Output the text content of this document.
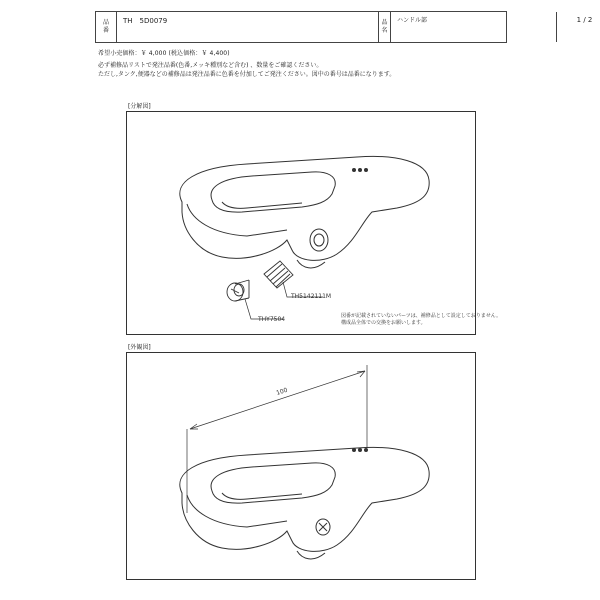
品
番
TH　5D0079	品
名
ハンドル部	1 / 2
希望小売価格：￥ 4,000 (税込価格：￥ 4,400)
必ず補修品リストで発注品番(色番,メッキ種別など含む) 、数量をご確認ください。
ただし,タンク,便器などの補修品は発注品番に色番を付加してご発注ください。図中の番号は品番になります。
[分解図]
TH5142111M
THY7504	図番が記載されていないパーツは、補修品として設定しておりません。
構成品全体での交換をお願いします。
[外観図]
100
